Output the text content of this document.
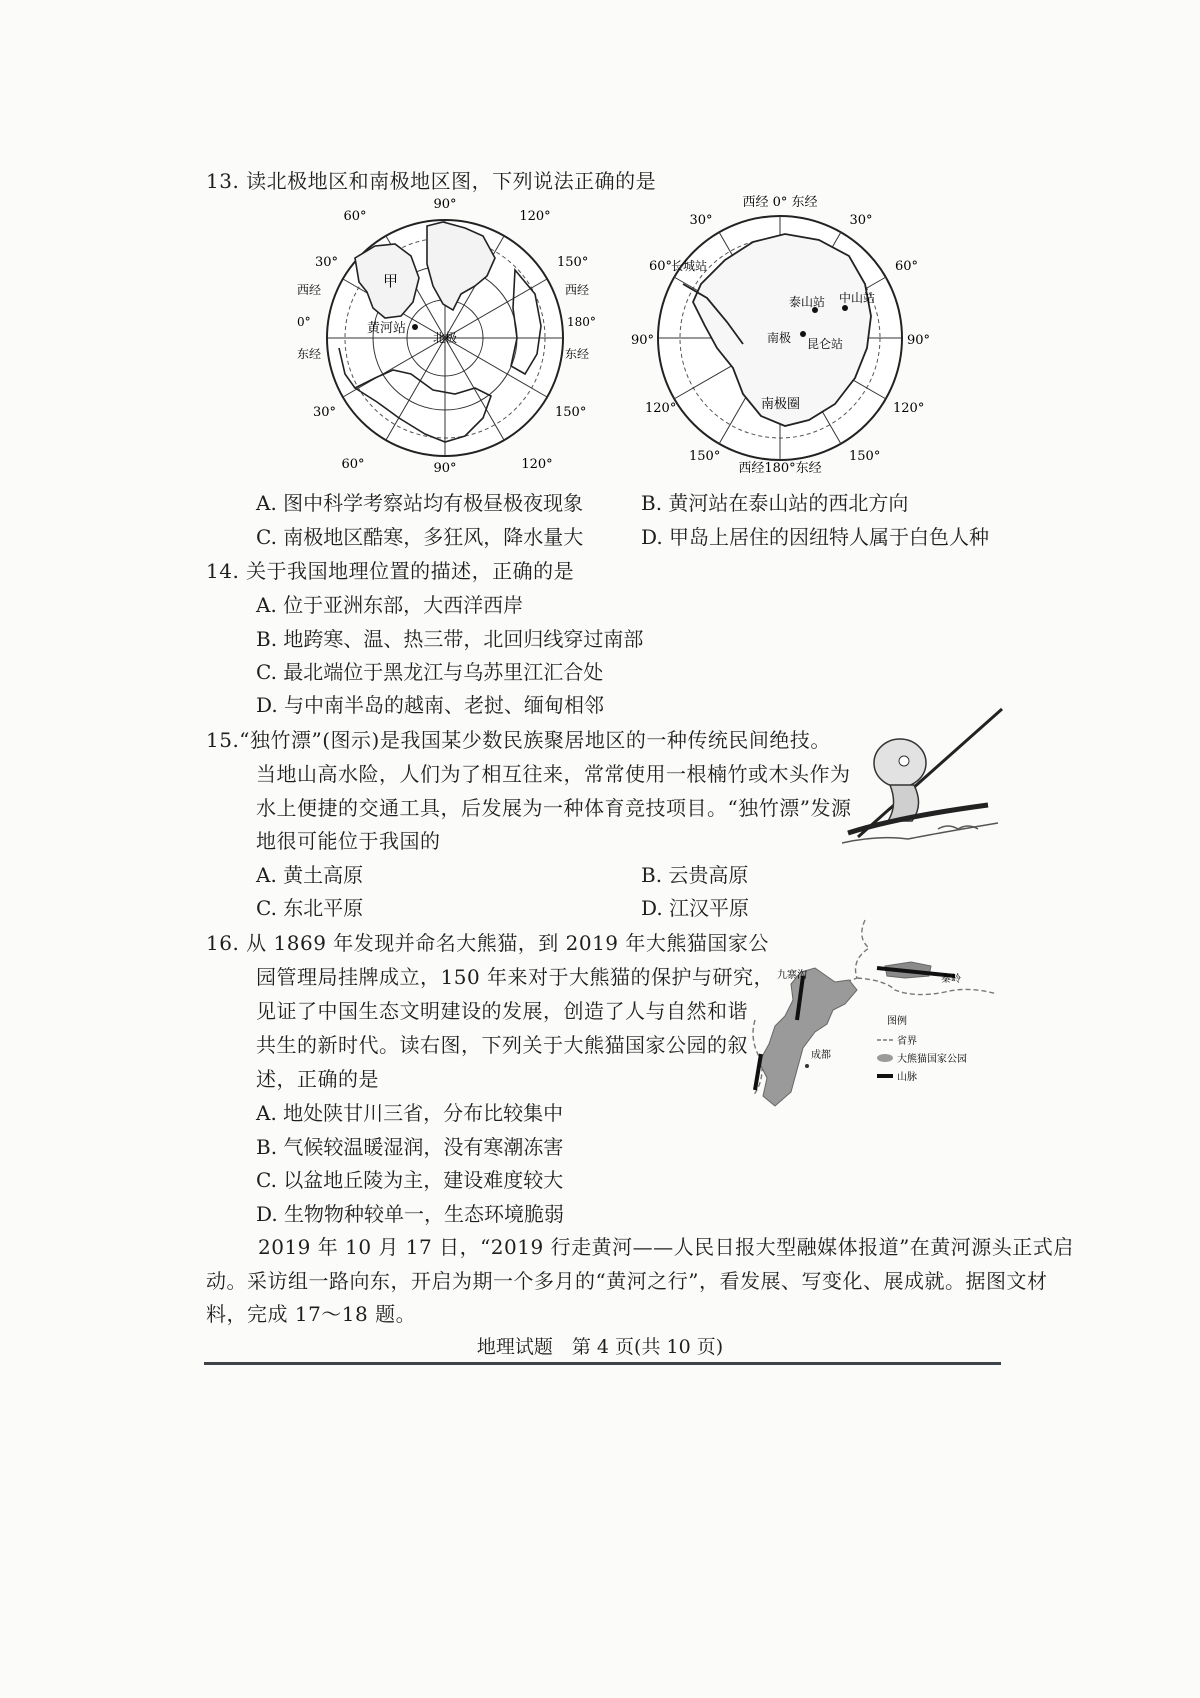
13. 读北极地区和南极地区图，下列说法正确的是
90°
60°	120°
30°	150°
西经
0°
东经
西经
180°
东经
30°	150°
60°	120°
90°
甲
黄河站
北极
西经 0° 东经
30°	30°
60°	60°
90°	90°
120°	120°
150°	150°
西经180°东经
长城站
泰山站 中山站
昆仑站
南极
南极圈
A. 图中科学考察站均有极昼极夜现象	B. 黄河站在泰山站的西北方向
C. 南极地区酷寒，多狂风，降水量大	D. 甲岛上居住的因纽特人属于白色人种
14. 关于我国地理位置的描述，正确的是
A. 位于亚洲东部，大西洋西岸
B. 地跨寒、温、热三带，北回归线穿过南部
C. 最北端位于黑龙江与乌苏里江汇合处
D. 与中南半岛的越南、老挝、缅甸相邻
15.“独竹漂”(图示)是我国某少数民族聚居地区的一种传统民间绝技。
当地山高水险，人们为了相互往来，常常使用一根楠竹或木头作为
水上便捷的交通工具，后发展为一种体育竞技项目。“独竹漂”发源
地很可能位于我国的
A. 黄土高原	B. 云贵高原
C. 东北平原	D. 江汉平原
16. 从 1869 年发现并命名大熊猫，到 2019 年大熊猫国家公
园管理局挂牌成立，150 年来对于大熊猫的保护与研究，
见证了中国生态文明建设的发展，创造了人与自然和谐
共生的新时代。读右图，下列关于大熊猫国家公园的叙
述，正确的是
九寨沟	秦岭
成都
图例
省界
大熊猫国家公园
山脉
A. 地处陕甘川三省，分布比较集中
B. 气候较温暖湿润，没有寒潮冻害
C. 以盆地丘陵为主，建设难度较大
D. 生物物种较单一，生态环境脆弱
2019 年 10 月 17 日，“2019 行走黄河——人民日报大型融媒体报道”在黄河源头正式启
动。采访组一路向东，开启为期一个多月的“黄河之行”，看发展、写变化、展成就。据图文材
料，完成 17～18 题。
地理试题　第 4 页(共 10 页)
